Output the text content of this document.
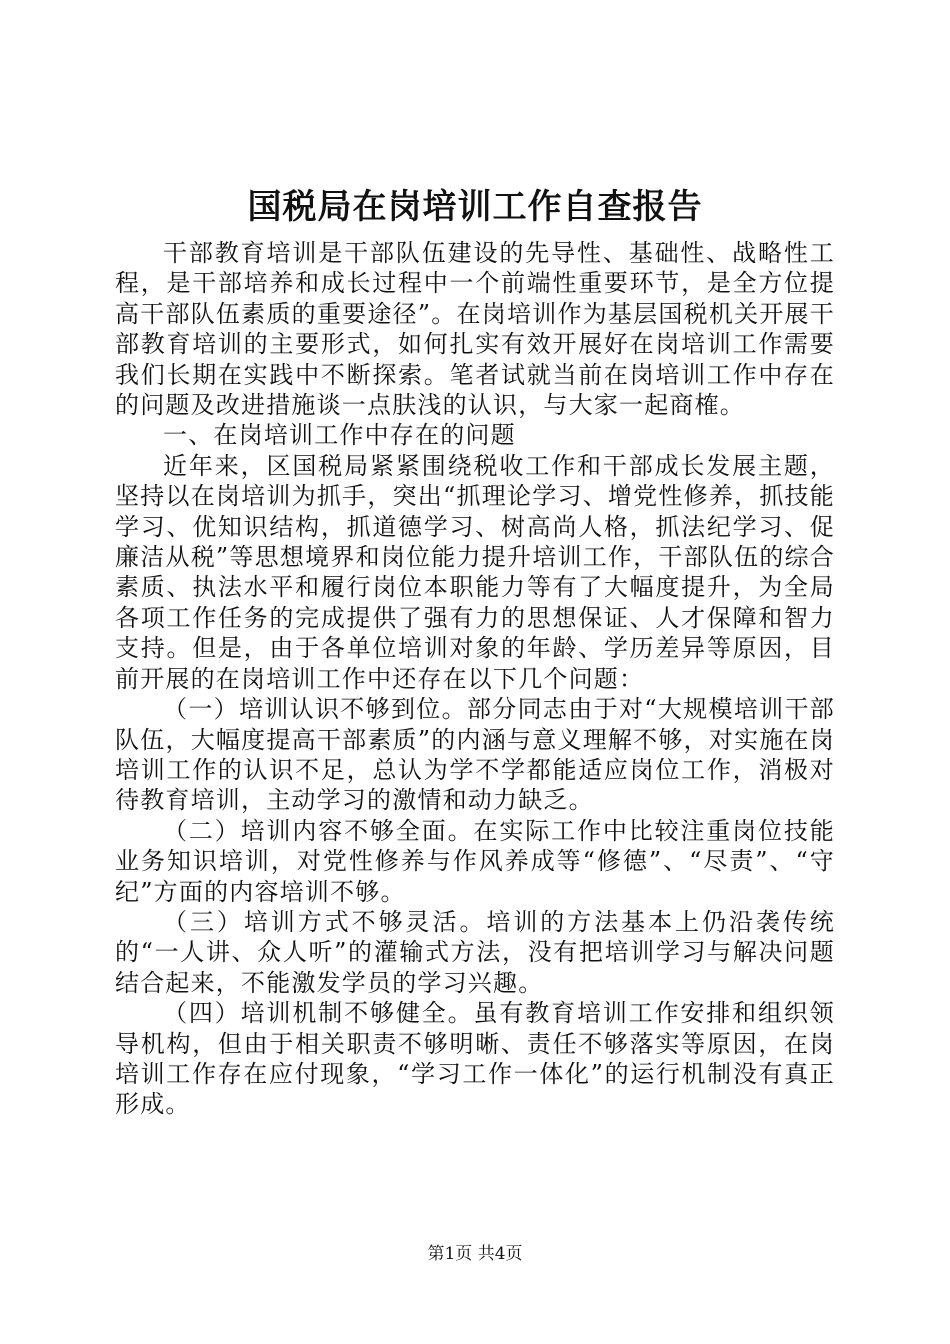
国税局在岗培训工作自查报告

干部教育培训是干部队伍建设的先导性、基础性、战略性工程，是干部培养和成长过程中一个前端性重要环节，是全方位提高干部队伍素质的重要途径”。在岗培训作为基层国税机关开展干部教育培训的主要形式，如何扎实有效开展好在岗培训工作需要我们长期在实践中不断探索。笔者试就当前在岗培训工作中存在的问题及改进措施谈一点肤浅的认识，与大家一起商榷。

一、在岗培训工作中存在的问题

近年来，区国税局紧紧围绕税收工作和干部成长发展主题，坚持以在岗培训为抓手，突出“抓理论学习、增党性修养，抓技能学习、优知识结构，抓道德学习、树高尚人格，抓法纪学习、促廉洁从税”等思想境界和岗位能力提升培训工作，干部队伍的综合素质、执法水平和履行岗位本职能力等有了大幅度提升，为全局各项工作任务的完成提供了强有力的思想保证、人才保障和智力支持。但是，由于各单位培训对象的年龄、学历差异等原因，目前开展的在岗培训工作中还存在以下几个问题：

（一）培训认识不够到位。部分同志由于对“大规模培训干部队伍，大幅度提高干部素质”的内涵与意义理解不够，对实施在岗培训工作的认识不足，总认为学不学都能适应岗位工作，消极对待教育培训，主动学习的激情和动力缺乏。

（二）培训内容不够全面。在实际工作中比较注重岗位技能业务知识培训，对党性修养与作风养成等“修德”、“尽责”、“守纪”方面的内容培训不够。

（三）培训方式不够灵活。培训的方法基本上仍沿袭传统的“一人讲、众人听”的灌输式方法，没有把培训学习与解决问题结合起来，不能激发学员的学习兴趣。

（四）培训机制不够健全。虽有教育培训工作安排和组织领导机构，但由于相关职责不够明晰、责任不够落实等原因，在岗培训工作存在应付现象，“学习工作一体化”的运行机制没有真正形成。

第1页 共4页
